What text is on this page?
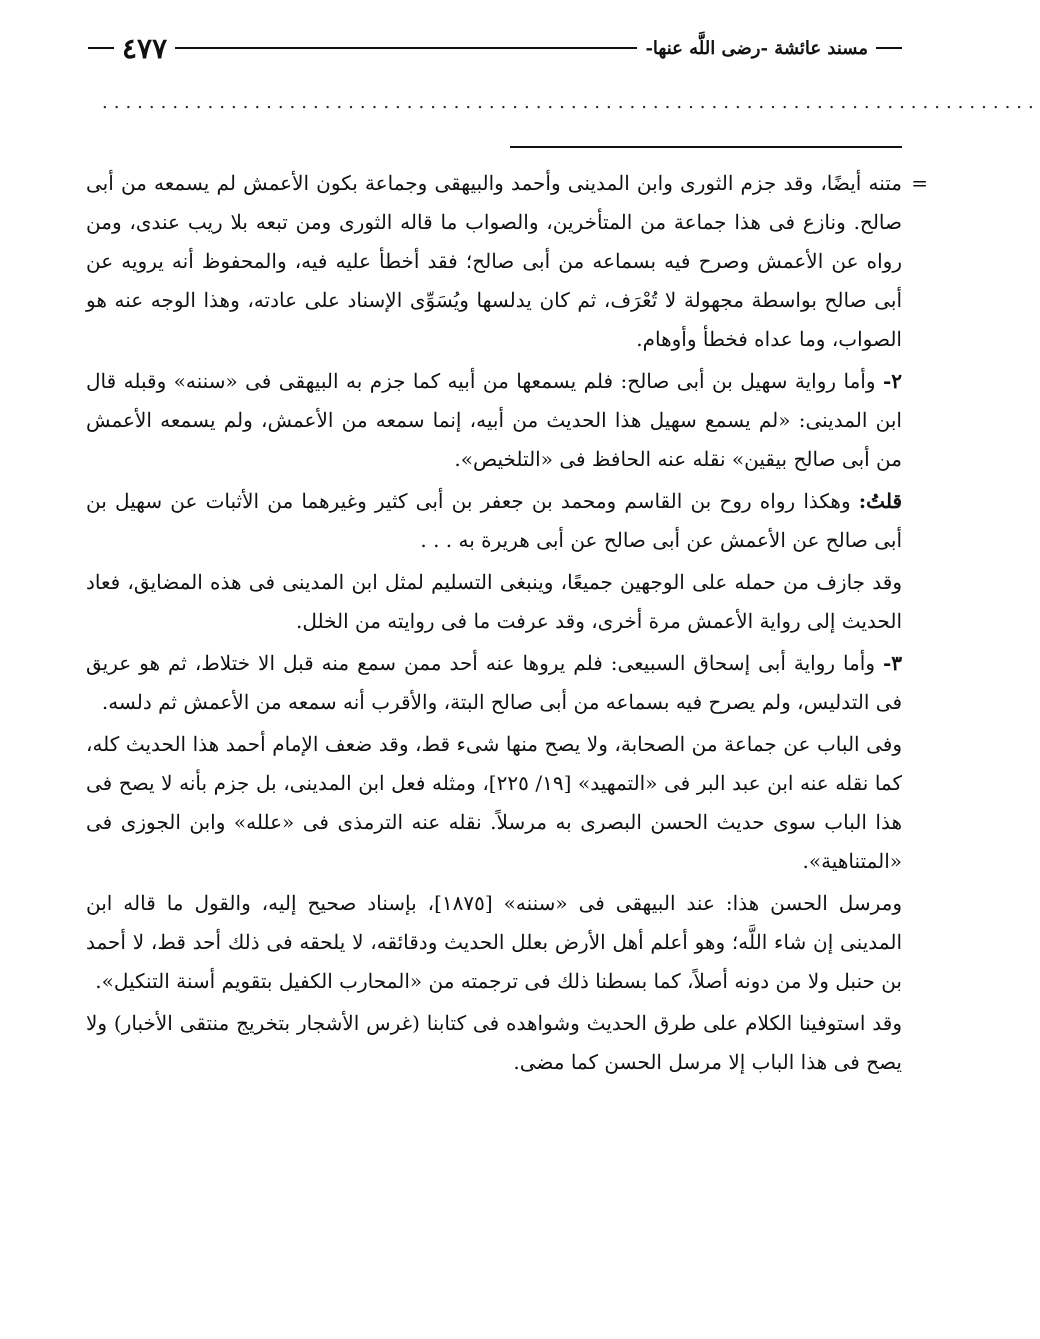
مسند عائشة -رضى اللَّه عنها-
٤٧٧
................................................................................

=
متنه أيضًا، وقد جزم الثورى وابن المدينى وأحمد والبيهقى وجماعة بكون الأعمش لم يسمعه من أبى صالح. ونازع فى هذا جماعة من المتأخرين، والصواب ما قاله الثورى ومن تبعه بلا ريب عندى، ومن رواه عن الأعمش وصرح فيه بسماعه من أبى صالح؛ فقد أخطأ عليه فيه، والمحفوظ أنه يرويه عن أبى صالح بواسطة مجهولة لا تُعْرَف، ثم كان يدلسها ويُسَوِّى الإسناد على عادته، وهذا الوجه عنه هو الصواب، وما عداه فخطأ وأوهام.

٢- وأما رواية سهيل بن أبى صالح: فلم يسمعها من أبيه كما جزم به البيهقى فى «سننه» وقبله قال ابن المدينى: «لم يسمع سهيل هذا الحديث من أبيه، إنما سمعه من الأعمش، ولم يسمعه الأعمش من أبى صالح بيقين» نقله عنه الحافظ فى «التلخيص».

قلتُ: وهكذا رواه روح بن القاسم ومحمد بن جعفر بن أبى كثير وغيرهما من الأثبات عن سهيل بن أبى صالح عن الأعمش عن أبى صالح عن أبى هريرة به . . .

وقد جازف من حمله على الوجهين جميعًا، وينبغى التسليم لمثل ابن المدينى فى هذه المضايق، فعاد الحديث إلى رواية الأعمش مرة أخرى، وقد عرفت ما فى روايته من الخلل.

٣- وأما رواية أبى إسحاق السبيعى: فلم يروها عنه أحد ممن سمع منه قبل الا ختلاط، ثم هو عريق فى التدليس، ولم يصرح فيه بسماعه من أبى صالح البتة، والأقرب أنه سمعه من الأعمش ثم دلسه.

وفى الباب عن جماعة من الصحابة، ولا يصح منها شىء قط، وقد ضعف الإمام أحمد هذا الحديث كله، كما نقله عنه ابن عبد البر فى «التمهيد» [١٩/ ٢٢٥]، ومثله فعل ابن المدينى، بل جزم بأنه لا يصح فى هذا الباب سوى حديث الحسن البصرى به مرسلاً. نقله عنه الترمذى فى «علله» وابن الجوزى فى «المتناهية».

ومرسل الحسن هذا: عند البيهقى فى «سننه» [١٨٧٥]، بإسناد صحيح إليه، والقول ما قاله ابن المدينى إن شاء اللَّه؛ وهو أعلم أهل الأرض بعلل الحديث ودقائقه، لا يلحقه فى ذلك أحد قط، لا أحمد بن حنبل ولا من دونه أصلاً، كما بسطنا ذلك فى ترجمته من «المحارب الكفيل بتقويم أسنة التنكيل».

وقد استوفينا الكلام على طرق الحديث وشواهده فى كتابنا (غرس الأشجار بتخريج منتقى الأخبار) ولا يصح فى هذا الباب إلا مرسل الحسن كما مضى.
